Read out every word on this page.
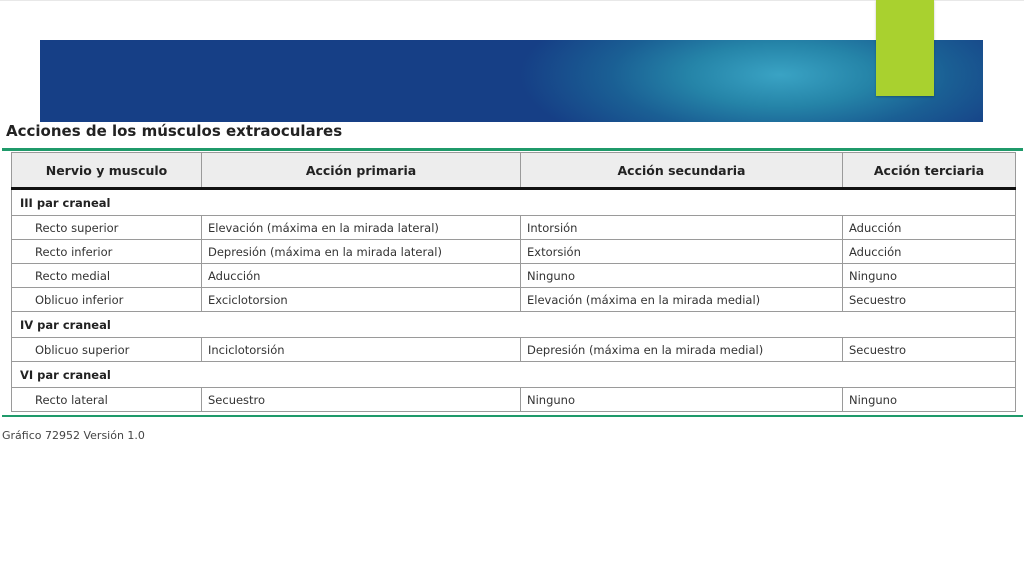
Acciones de los músculos extraoculares
Nervio y musculo	Acción primaria	Acción secundaria	Acción terciaria
III par craneal			
Recto superior	Elevación (máxima en la mirada lateral)	Intorsión	Aducción
Recto inferior	Depresión (máxima en la mirada lateral)	Extorsión	Aducción
Recto medial	Aducción	Ninguno	Ninguno
Oblicuo inferior	Exciclotorsion	Elevación (máxima en la mirada medial)	Secuestro
IV par craneal			
Oblicuo superior	Inciclotorsión	Depresión (máxima en la mirada medial)	Secuestro
VI par craneal			
Recto lateral	Secuestro	Ninguno	Ninguno
Gráfico 72952 Versión 1.0
